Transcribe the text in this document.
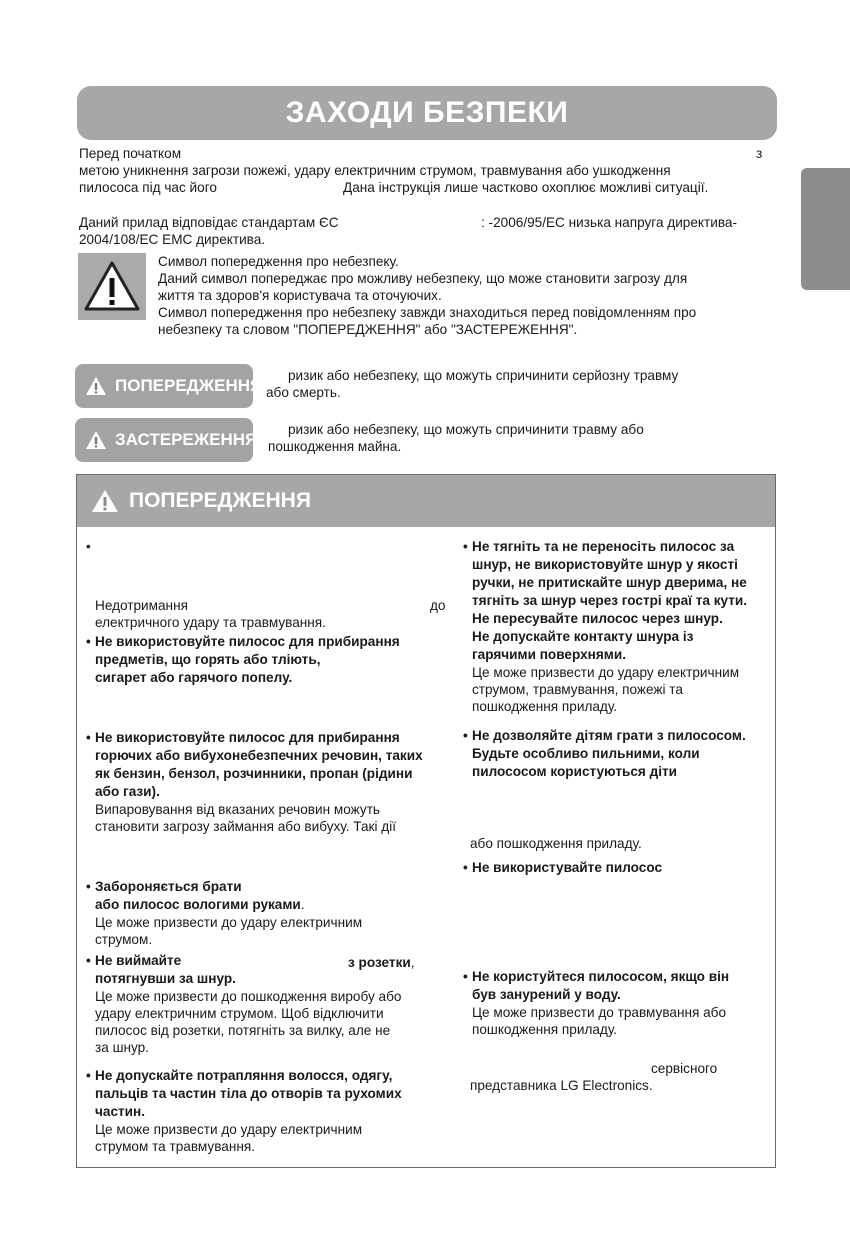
ЗАХОДИ БЕЗПЕКИ
Перед початком	з
метою уникнення загрози пожежі, удару електричним струмом, травмування або ушкодження
пилососа під час його	Дана інструкція лише частково охоплює можливі ситуації.
Даний прилад відповідає стандартам ЄС	: -2006/95/ЕС низька напруга директива-
2004/108/ЕС ЕМС директива.
Символ попередження про небезпеку.
Даний символ попереджає про можливу небезпеку, що може становити загрозу для
життя та здоров'я користувача та оточуючих.
Символ попередження про небезпеку завжди знаходиться перед повідомленням про
небезпеку та словом "ПОПЕРЕДЖЕННЯ" або "ЗАСТЕРЕЖЕННЯ".
ПОПЕРЕДЖЕННЯ
ризик або небезпеку, що можуть спричинити серйозну травму
або смерть.
ЗАСТЕРЕЖЕННЯ
ризик або небезпеку, що можуть спричинити травму або
пошкодження майна.
ПОПЕРЕДЖЕННЯ
•
Недотримання	до
електричного удару та травмування.
• Не використовуйте пилосос для прибирання
предметів, що горять або тліють,
сигарет або гарячого попелу.
• Не використовуйте пилосос для прибирання
горючих або вибухонебезпечних речовин, таких
як бензин, бензол, розчинники, пропан (рідини
або гази).
Випаровування від вказаних речовин можуть
становити загрозу займання або вибуху. Такі дії
• Забороняється брати
або пилосос вологими руками.
Це може призвести до удару електричним
струмом.
• Не виймайте	з розетки,
потягнувши за шнур.
Це може призвести до пошкодження виробу або
удару електричним струмом. Щоб відключити
пилосос від розетки, потягніть за вилку, але не
за шнур.
• Не допускайте потрапляння волосся, одягу,
пальців та частин тіла до отворів та рухомих
частин.
Це може призвести до удару електричним
струмом та травмування.
• Не тягніть та не переносіть пилосос за
шнур, не використовуйте шнур у якості
ручки, не притискайте шнур дверима, не
тягніть за шнур через гострі краї та кути.
Не пересувайте пилосос через шнур.
Не допускайте контакту шнура із
гарячими поверхнями.
Це може призвести до удару електричним
струмом, травмування, пожежі та
пошкодження приладу.
• Не дозволяйте дітям грати з пилососом.
Будьте особливо пильними, коли
пилососом користуються діти
або пошкодження приладу.
• Не використувайте пилосос
• Не користуйтеся пилососом, якщо він
був занурений у воду.
Це може призвести до травмування або
пошкодження приладу.
сервісного
представника LG Electronics.
